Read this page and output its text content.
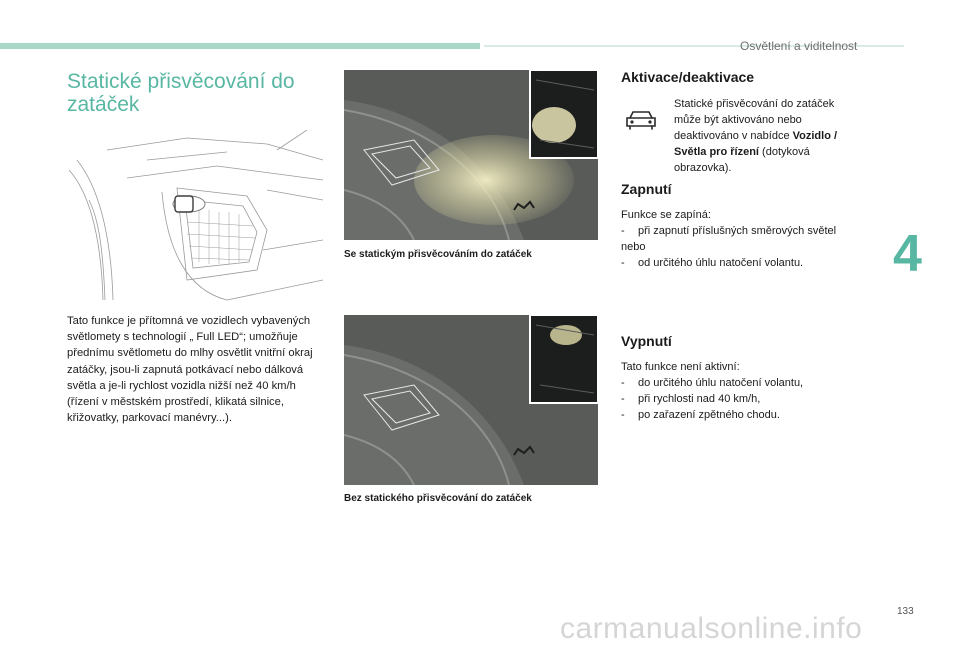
Osvětlení a viditelnost
Statické přisvěcování do zatáček
Tato funkce je přítomná ve vozidlech vybavených světlomety s technologií „ Full LED“; umožňuje přednímu světlometu do mlhy osvětlit vnitřní okraj zatáčky, jsou-li zapnutá potkávací nebo dálková světla a je-li rychlost vozidla nižší než 40 km/h (řízení v městském prostředí, klikatá silnice, křižovatky, parkovací manévry...).
Se statickým přisvěcováním do zatáček
Bez statického přisvěcování do zatáček
Aktivace/deaktivace
Statické přisvěcování do zatáček může být aktivováno nebo deaktivováno v nabídce Vozidlo / Světla pro řízení (dotyková obrazovka).
Zapnutí
Funkce se zapíná:
- při zapnutí příslušných směrových světel
nebo
- od určitého úhlu natočení volantu.
Vypnutí
Tato funkce není aktivní:
- do určitého úhlu natočení volantu,
- při rychlosti nad 40 km/h,
- po zařazení zpětného chodu.
4
133
carmanualsonline.info
